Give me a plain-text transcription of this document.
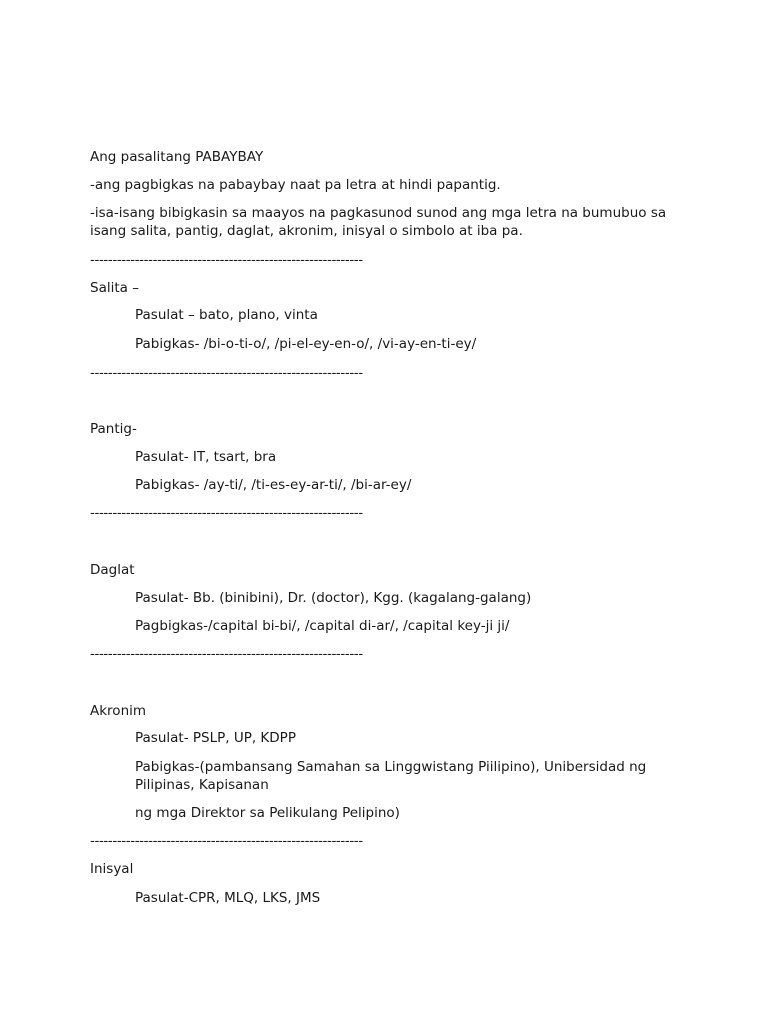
Ang pasalitang PABAYBAY
-ang pagbigkas na pabaybay naat pa letra at hindi papantig.
-isa-isang bibigkasin sa maayos na pagkasunod sunod ang mga letra na bumubuo sa isang salita, pantig, daglat, akronim, inisyal o simbolo at iba pa.
-------------------------------------------------------------
Salita –
Pasulat – bato, plano, vinta
Pabigkas- /bi-o-ti-o/, /pi-el-ey-en-o/, /vi-ay-en-ti-ey/
-------------------------------------------------------------
Pantig-
Pasulat- IT, tsart, bra
Pabigkas- /ay-ti/, /ti-es-ey-ar-ti/, /bi-ar-ey/
-------------------------------------------------------------
Daglat
Pasulat- Bb. (binibini), Dr. (doctor), Kgg. (kagalang-galang)
Pagbigkas-/capital bi-bi/, /capital di-ar/, /capital key-ji ji/
-------------------------------------------------------------
Akronim
Pasulat- PSLP, UP, KDPP
Pabigkas-(pambansang Samahan sa Linggwistang Piilipino), Unibersidad ng Pilipinas, Kapisanan
ng mga Direktor sa Pelikulang Pelipino)
-------------------------------------------------------------
Inisyal
Pasulat-CPR, MLQ, LKS, JMS
